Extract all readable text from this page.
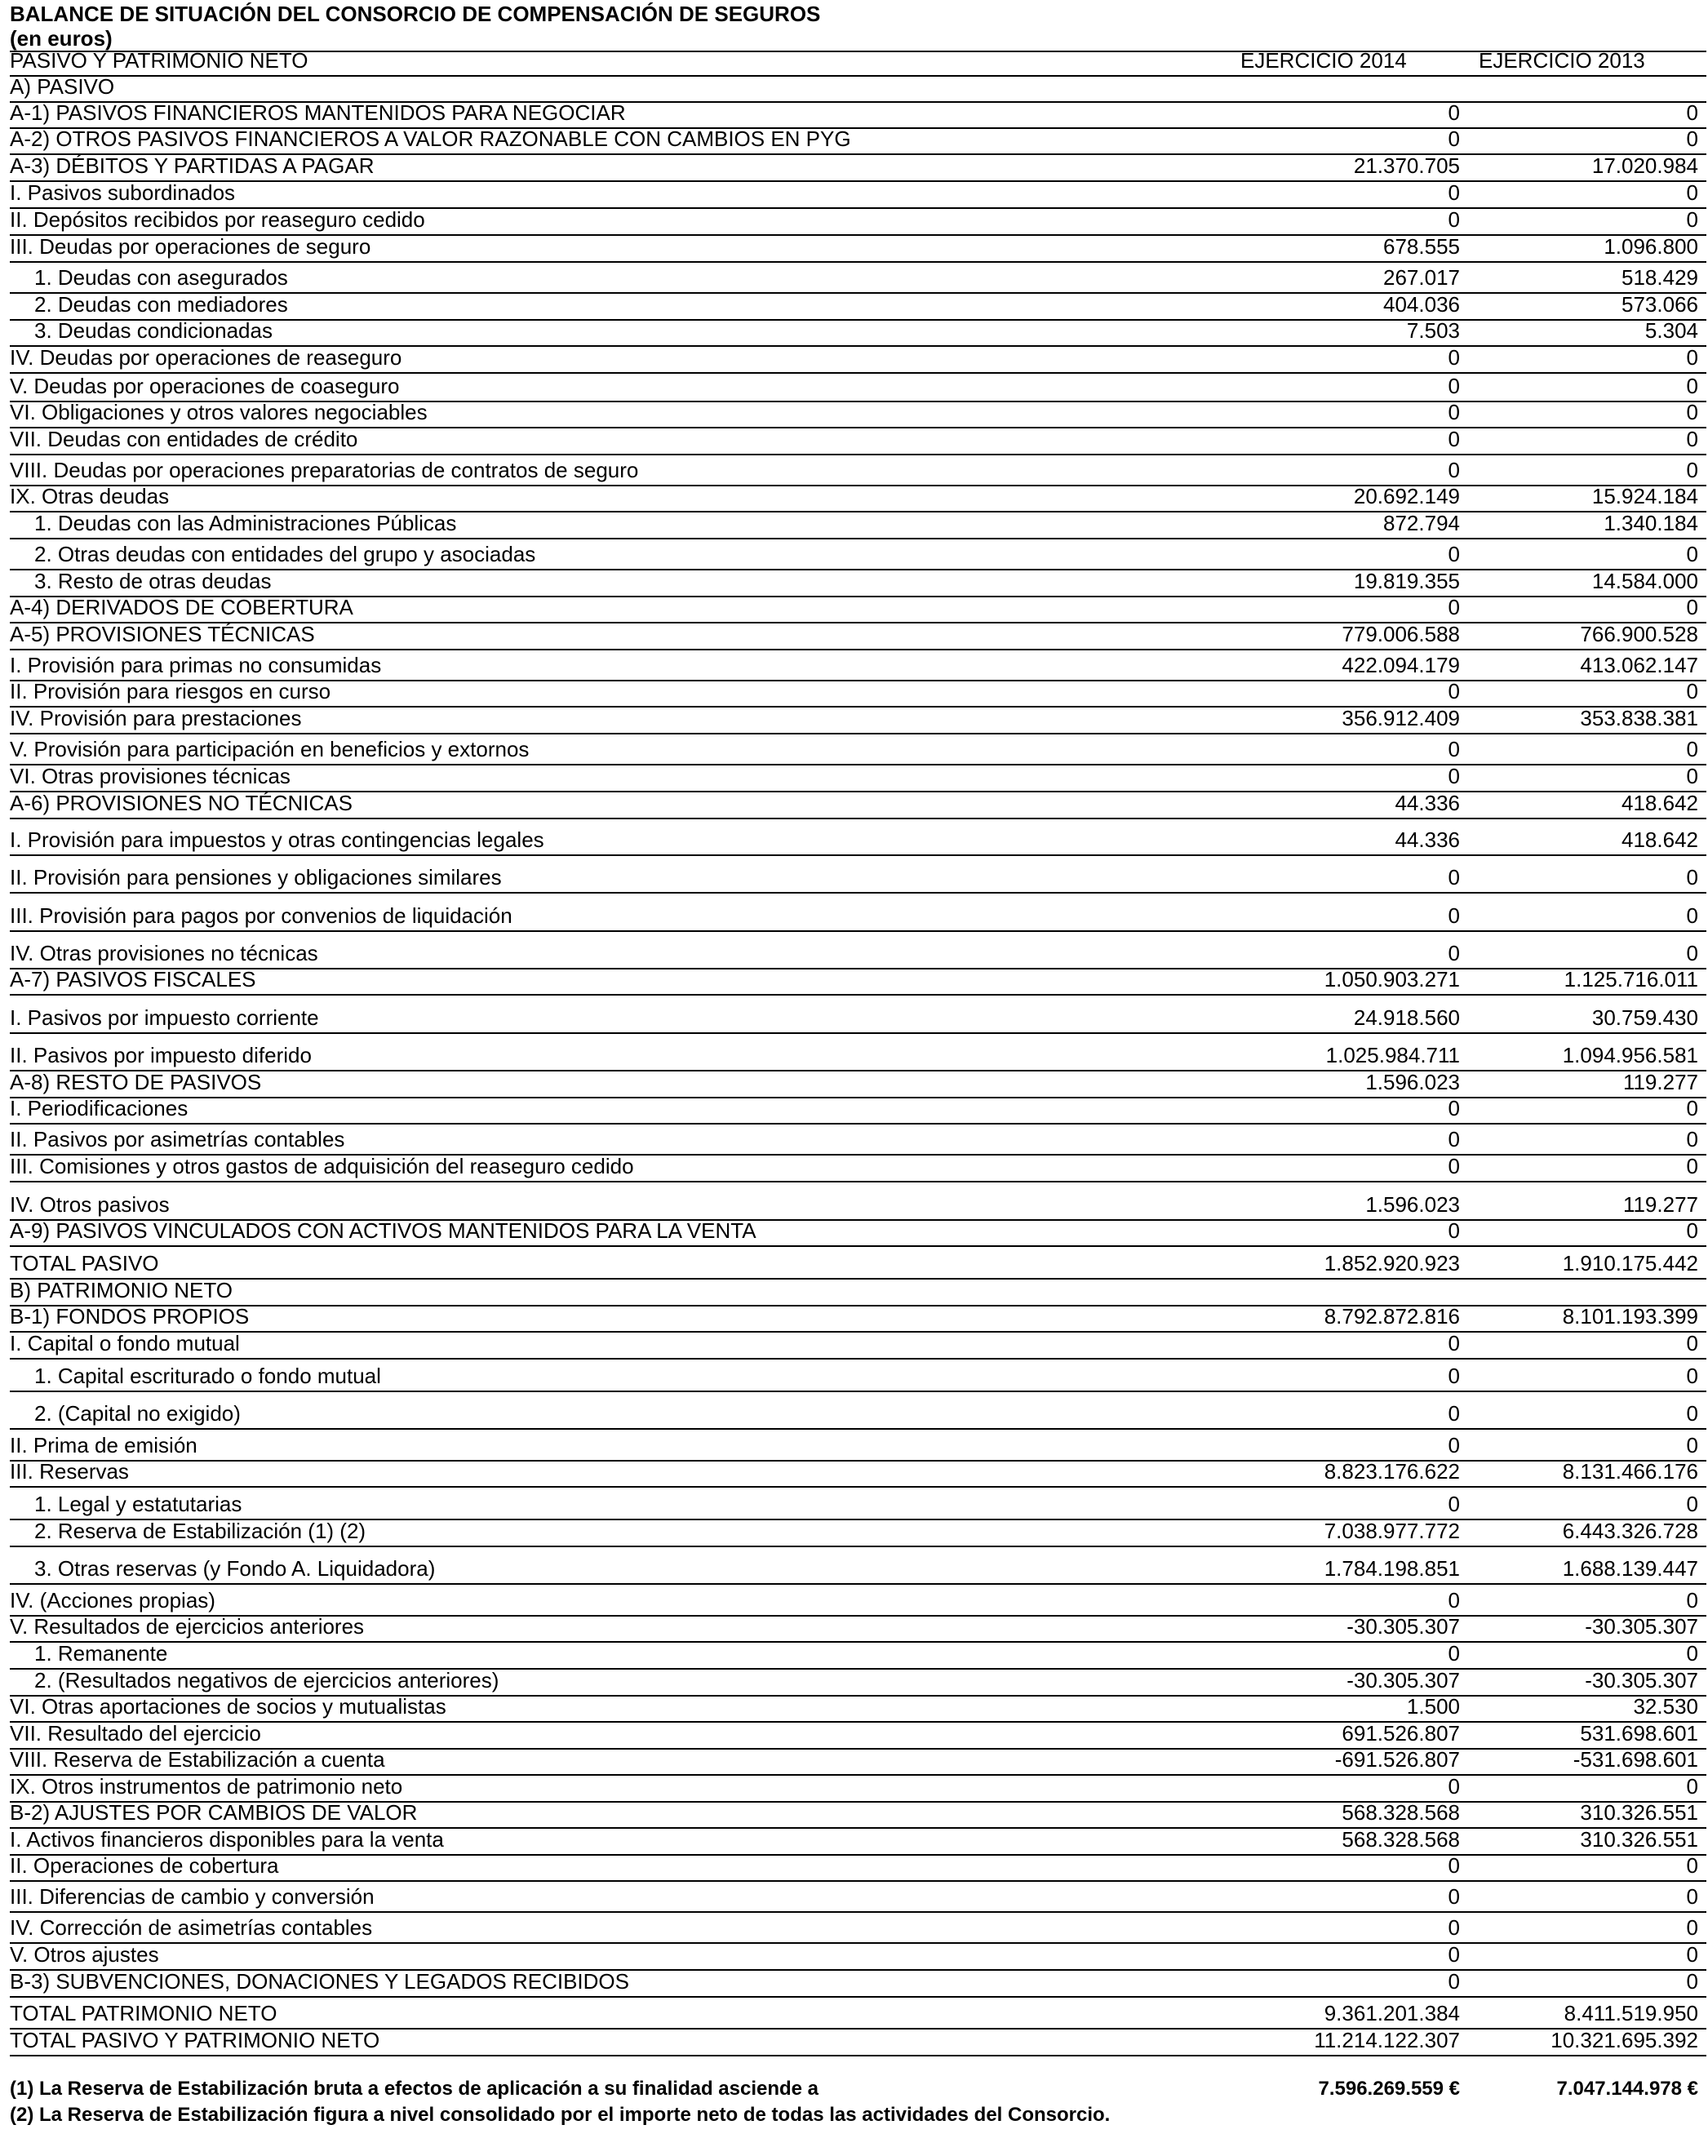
BALANCE DE SITUACIÓN DEL CONSORCIO DE COMPENSACIÓN DE SEGUROS
(en euros)
PASIVO Y PATRIMONIO NETO	EJERCICIO 2014	EJERCICIO 2013
A) PASIVO
A-1) PASIVOS FINANCIEROS MANTENIDOS PARA NEGOCIAR	0	0
A-2) OTROS PASIVOS FINANCIEROS A VALOR RAZONABLE CON CAMBIOS EN PYG	0	0
A-3) DÉBITOS Y PARTIDAS A PAGAR	21.370.705	17.020.984
I. Pasivos subordinados	0	0
II. Depósitos recibidos por reaseguro cedido	0	0
III. Deudas por operaciones de seguro	678.555	1.096.800
1. Deudas con asegurados	267.017	518.429
2. Deudas con mediadores	404.036	573.066
3. Deudas condicionadas	7.503	5.304
IV. Deudas por operaciones de reaseguro	0	0
V. Deudas por operaciones de coaseguro	0	0
VI. Obligaciones y otros valores negociables	0	0
VII. Deudas con entidades de crédito	0	0
VIII. Deudas por operaciones preparatorias de contratos de seguro	0	0
IX. Otras deudas	20.692.149	15.924.184
1. Deudas con las Administraciones Públicas	872.794	1.340.184
2. Otras deudas con entidades del grupo y asociadas	0	0
3. Resto de otras deudas	19.819.355	14.584.000
A-4) DERIVADOS DE COBERTURA	0	0
A-5) PROVISIONES TÉCNICAS	779.006.588	766.900.528
I. Provisión para primas no consumidas	422.094.179	413.062.147
II. Provisión para riesgos en curso	0	0
IV. Provisión para prestaciones	356.912.409	353.838.381
V. Provisión para participación en beneficios y extornos	0	0
VI. Otras provisiones técnicas	0	0
A-6) PROVISIONES NO TÉCNICAS	44.336	418.642
I. Provisión para impuestos y otras contingencias legales	44.336	418.642
II. Provisión para pensiones y obligaciones similares	0	0
III. Provisión para pagos por convenios de liquidación	0	0
IV. Otras provisiones no técnicas	0	0
A-7) PASIVOS FISCALES	1.050.903.271	1.125.716.011
I. Pasivos por impuesto corriente	24.918.560	30.759.430
II. Pasivos por impuesto diferido	1.025.984.711	1.094.956.581
A-8) RESTO DE PASIVOS	1.596.023	119.277
I. Periodificaciones	0	0
II. Pasivos por asimetrías contables	0	0
III. Comisiones y otros gastos de adquisición del reaseguro cedido	0	0
IV. Otros pasivos	1.596.023	119.277
A-9) PASIVOS VINCULADOS CON ACTIVOS MANTENIDOS PARA LA VENTA	0	0
TOTAL PASIVO	1.852.920.923	1.910.175.442
B) PATRIMONIO NETO
B-1) FONDOS PROPIOS	8.792.872.816	8.101.193.399
I. Capital o fondo mutual	0	0
1. Capital escriturado o fondo mutual	0	0
2. (Capital no exigido)	0	0
II. Prima de emisión	0	0
III. Reservas	8.823.176.622	8.131.466.176
1. Legal y estatutarias	0	0
2. Reserva de Estabilización (1) (2)	7.038.977.772	6.443.326.728
3. Otras reservas (y Fondo A. Liquidadora)	1.784.198.851	1.688.139.447
IV. (Acciones propias)	0	0
V. Resultados de ejercicios anteriores	-30.305.307	-30.305.307
1. Remanente	0	0
2. (Resultados negativos de ejercicios anteriores)	-30.305.307	-30.305.307
VI. Otras aportaciones de socios y mutualistas	1.500	32.530
VII. Resultado del ejercicio	691.526.807	531.698.601
VIII. Reserva de Estabilización a cuenta	-691.526.807	-531.698.601
IX. Otros instrumentos de patrimonio neto	0	0
B-2) AJUSTES POR CAMBIOS DE VALOR	568.328.568	310.326.551
I. Activos financieros disponibles para la venta	568.328.568	310.326.551
II. Operaciones de cobertura	0	0
III. Diferencias de cambio y conversión	0	0
IV. Corrección de asimetrías contables	0	0
V. Otros ajustes	0	0
B-3) SUBVENCIONES, DONACIONES Y LEGADOS RECIBIDOS	0	0
TOTAL PATRIMONIO NETO	9.361.201.384	8.411.519.950
TOTAL PASIVO Y PATRIMONIO NETO	11.214.122.307	10.321.695.392
(1) La Reserva de Estabilización bruta a efectos de aplicación a su finalidad asciende a	7.596.269.559 €	7.047.144.978 €
(2) La Reserva de Estabilización figura a nivel consolidado por el importe neto de todas las actividades del Consorcio.
